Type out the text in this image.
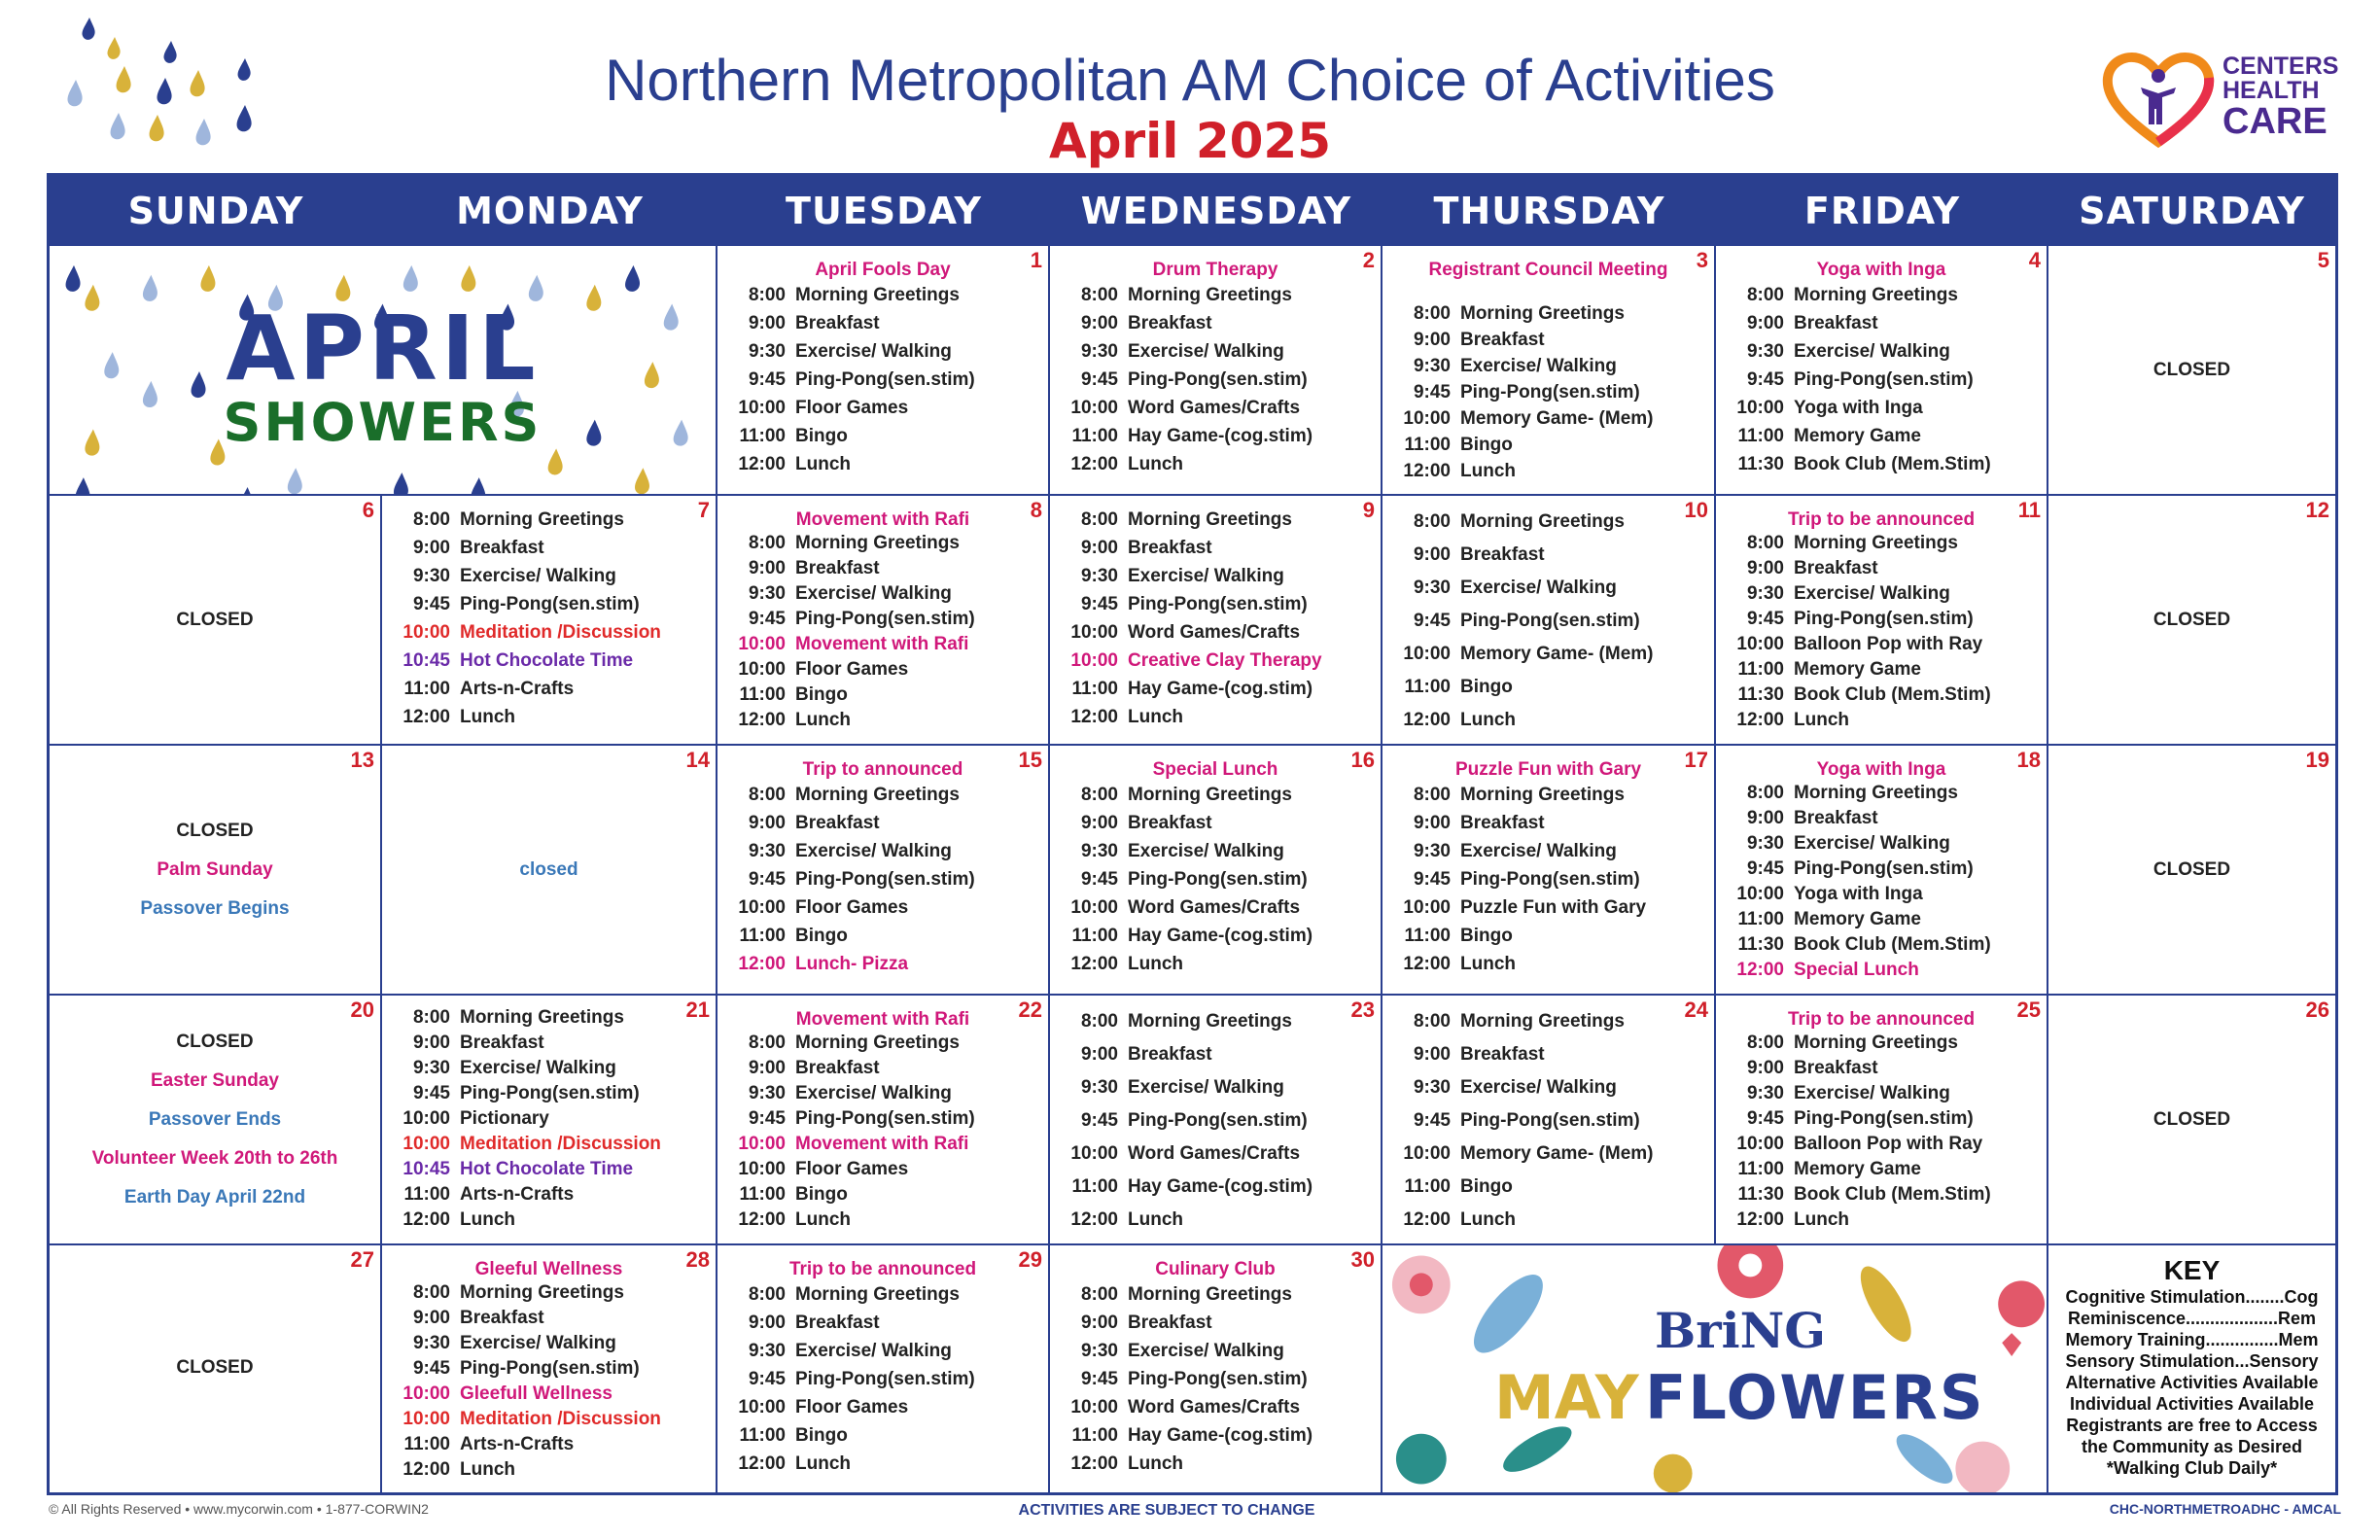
Northern Metropolitan AM Choice of Activities
April 2025
CENTERS
HEALTH
CARE
SUNDAY	MONDAY	TUESDAY	WEDNESDAY	THURSDAY	FRIDAY	SATURDAY
APRIL
SHOWERS
1
April Fools Day
8:00 Morning Greetings
9:00 Breakfast
9:30 Exercise/ Walking
9:45 Ping-Pong(sen.stim)
10:00 Floor Games
11:00 Bingo
12:00 Lunch
2
Drum Therapy
8:00 Morning Greetings
9:00 Breakfast
9:30 Exercise/ Walking
9:45 Ping-Pong(sen.stim)
10:00 Word Games/Crafts
11:00 Hay Game-(cog.stim)
12:00 Lunch
3
Registrant Council Meeting
8:00 Morning Greetings
9:00 Breakfast
9:30 Exercise/ Walking
9:45 Ping-Pong(sen.stim)
10:00 Memory Game- (Mem)
11:00 Bingo
12:00 Lunch
4
Yoga with Inga
8:00 Morning Greetings
9:00 Breakfast
9:30 Exercise/ Walking
9:45 Ping-Pong(sen.stim)
10:00 Yoga with Inga
11:00 Memory Game
11:30 Book Club (Mem.Stim)
5
CLOSED
6
CLOSED
7
8:00 Morning Greetings
9:00 Breakfast
9:30 Exercise/ Walking
9:45 Ping-Pong(sen.stim)
10:00 Meditation /Discussion
10:45 Hot Chocolate Time
11:00 Arts-n-Crafts
12:00 Lunch
8
Movement with Rafi
8:00 Morning Greetings
9:00 Breakfast
9:30 Exercise/ Walking
9:45 Ping-Pong(sen.stim)
10:00 Movement with Rafi
10:00 Floor Games
11:00 Bingo
12:00 Lunch
9
8:00 Morning Greetings
9:00 Breakfast
9:30 Exercise/ Walking
9:45 Ping-Pong(sen.stim)
10:00 Word Games/Crafts
10:00 Creative Clay Therapy
11:00 Hay Game-(cog.stim)
12:00 Lunch
10
8:00 Morning Greetings
9:00 Breakfast
9:30 Exercise/ Walking
9:45 Ping-Pong(sen.stim)
10:00 Memory Game- (Mem)
11:00 Bingo
12:00 Lunch
11
Trip to be announced
8:00 Morning Greetings
9:00 Breakfast
9:30 Exercise/ Walking
9:45 Ping-Pong(sen.stim)
10:00 Balloon Pop with Ray
11:00 Memory Game
11:30 Book Club (Mem.Stim)
12:00 Lunch
12
CLOSED
13
CLOSED
Palm Sunday
Passover Begins
14
closed
15
Trip to announced
8:00 Morning Greetings
9:00 Breakfast
9:30 Exercise/ Walking
9:45 Ping-Pong(sen.stim)
10:00 Floor Games
11:00 Bingo
12:00 Lunch- Pizza
16
Special Lunch
8:00 Morning Greetings
9:00 Breakfast
9:30 Exercise/ Walking
9:45 Ping-Pong(sen.stim)
10:00 Word Games/Crafts
11:00 Hay Game-(cog.stim)
12:00 Lunch
17
Puzzle Fun with Gary
8:00 Morning Greetings
9:00 Breakfast
9:30 Exercise/ Walking
9:45 Ping-Pong(sen.stim)
10:00 Puzzle Fun with Gary
11:00 Bingo
12:00 Lunch
18
Yoga with Inga
8:00 Morning Greetings
9:00 Breakfast
9:30 Exercise/ Walking
9:45 Ping-Pong(sen.stim)
10:00 Yoga with Inga
11:00 Memory Game
11:30 Book Club (Mem.Stim)
12:00 Special Lunch
19
CLOSED
20
CLOSED
Easter Sunday
Passover Ends
Volunteer Week 20th to 26th
Earth Day April 22nd
21
8:00 Morning Greetings
9:00 Breakfast
9:30 Exercise/ Walking
9:45 Ping-Pong(sen.stim)
10:00 Pictionary
10:00 Meditation /Discussion
10:45 Hot Chocolate Time
11:00 Arts-n-Crafts
12:00 Lunch
22
Movement with Rafi
8:00 Morning Greetings
9:00 Breakfast
9:30 Exercise/ Walking
9:45 Ping-Pong(sen.stim)
10:00 Movement with Rafi
10:00 Floor Games
11:00 Bingo
12:00 Lunch
23
8:00 Morning Greetings
9:00 Breakfast
9:30 Exercise/ Walking
9:45 Ping-Pong(sen.stim)
10:00 Word Games/Crafts
11:00 Hay Game-(cog.stim)
12:00 Lunch
24
8:00 Morning Greetings
9:00 Breakfast
9:30 Exercise/ Walking
9:45 Ping-Pong(sen.stim)
10:00 Memory Game- (Mem)
11:00 Bingo
12:00 Lunch
25
Trip to be announced
8:00 Morning Greetings
9:00 Breakfast
9:30 Exercise/ Walking
9:45 Ping-Pong(sen.stim)
10:00 Balloon Pop with Ray
11:00 Memory Game
11:30 Book Club (Mem.Stim)
12:00 Lunch
26
CLOSED
27
CLOSED
28
Gleeful Wellness
8:00 Morning Greetings
9:00 Breakfast
9:30 Exercise/ Walking
9:45 Ping-Pong(sen.stim)
10:00 Gleefull Wellness
10:00 Meditation /Discussion
11:00 Arts-n-Crafts
12:00 Lunch
29
Trip to be announced
8:00 Morning Greetings
9:00 Breakfast
9:30 Exercise/ Walking
9:45 Ping-Pong(sen.stim)
10:00 Floor Games
11:00 Bingo
12:00 Lunch
30
Culinary Club
8:00 Morning Greetings
9:00 Breakfast
9:30 Exercise/ Walking
9:45 Ping-Pong(sen.stim)
10:00 Word Games/Crafts
11:00 Hay Game-(cog.stim)
12:00 Lunch
BriNG
MAY FLOWERS
KEY
Cognitive Stimulation........Cog
Reminiscence...................Rem
Memory Training...............Mem
Sensory Stimulation...Sensory
Alternative Activities Available
Individual Activities Available
Registrants are free to Access
the Community as Desired
*Walking Club Daily*
© All Rights Reserved • www.mycorwin.com • 1-877-CORWIN2	ACTIVITIES ARE SUBJECT TO CHANGE	CHC-NORTHMETROADHC - AMCAL
